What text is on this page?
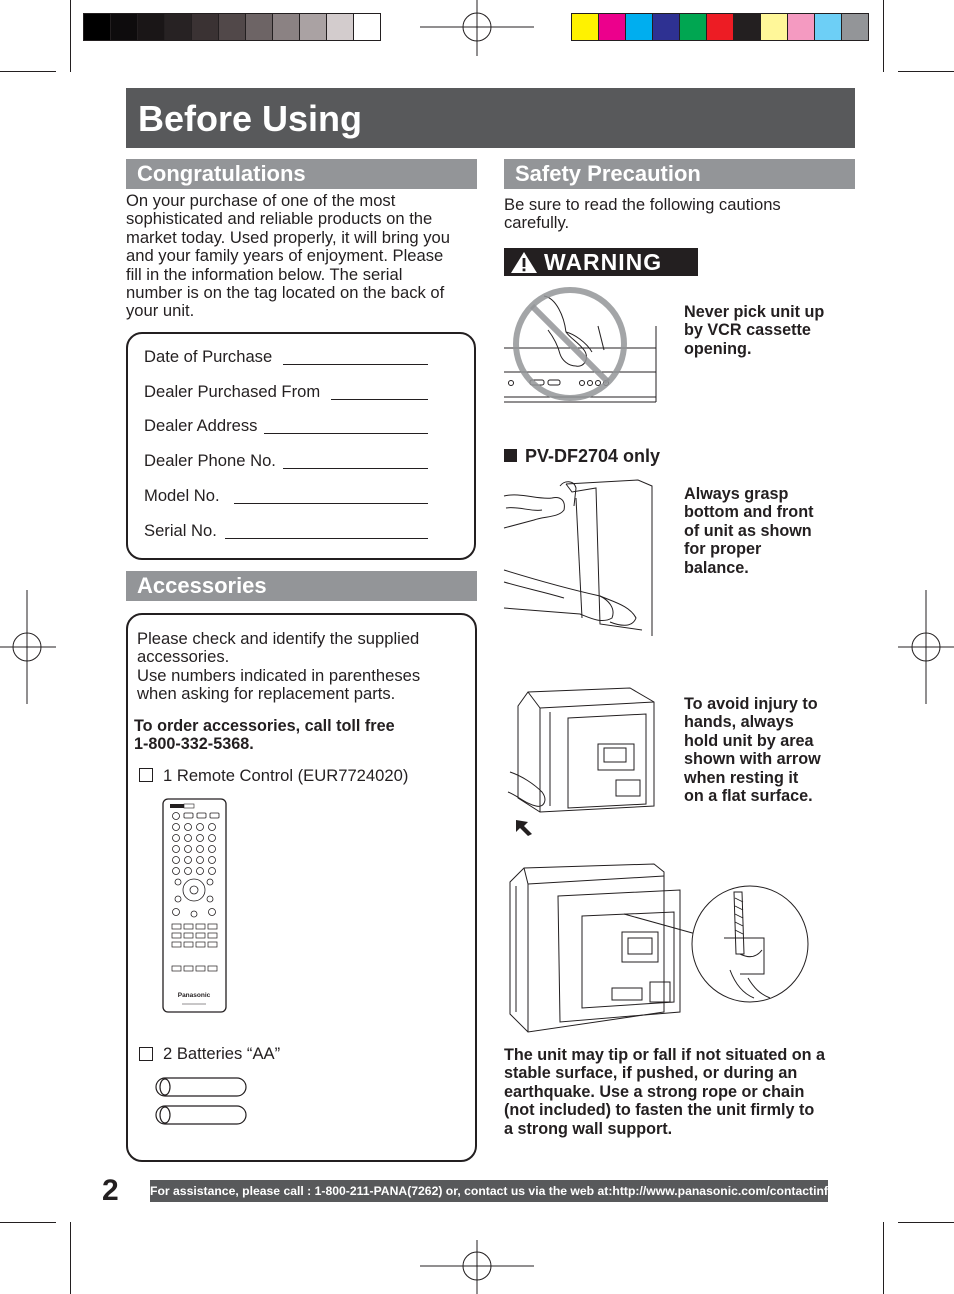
Before Using
Congratulations
On your purchase of one of the most
sophisticated and reliable products on the
market today. Used properly, it will bring you
and your family years of enjoyment. Please
fill in the information below. The serial
number is on the tag located on the back of
your unit.
Date of Purchase
Dealer Purchased From
Dealer Address
Dealer Phone No.
Model No.
Serial No.
Accessories
Please check and identify the supplied
accessories.
Use numbers indicated in parentheses
when asking for replacement parts.
To order accessories, call toll free
1-800-332-5368.
1 Remote Control (EUR7724020)
Panasonic
2 Batteries “AA”
Safety Precaution
Be sure to read the following cautions
carefully.
WARNING
Never pick unit up
by VCR cassette
opening.
PV-DF2704 only
Always grasp
bottom and front
of unit as shown
for proper
balance.
To avoid injury to
hands, always
hold unit by area
shown with arrow
when resting it
on a flat surface.
The unit may tip or fall if not situated on a
stable surface, if pushed, or during an
earthquake. Use a strong rope or chain
(not included) to fasten the unit firmly to
a strong wall support.
2	For assistance, please call : 1-800-211-PANA(7262) or, contact us via the web at:http://www.panasonic.com/contactinfo
